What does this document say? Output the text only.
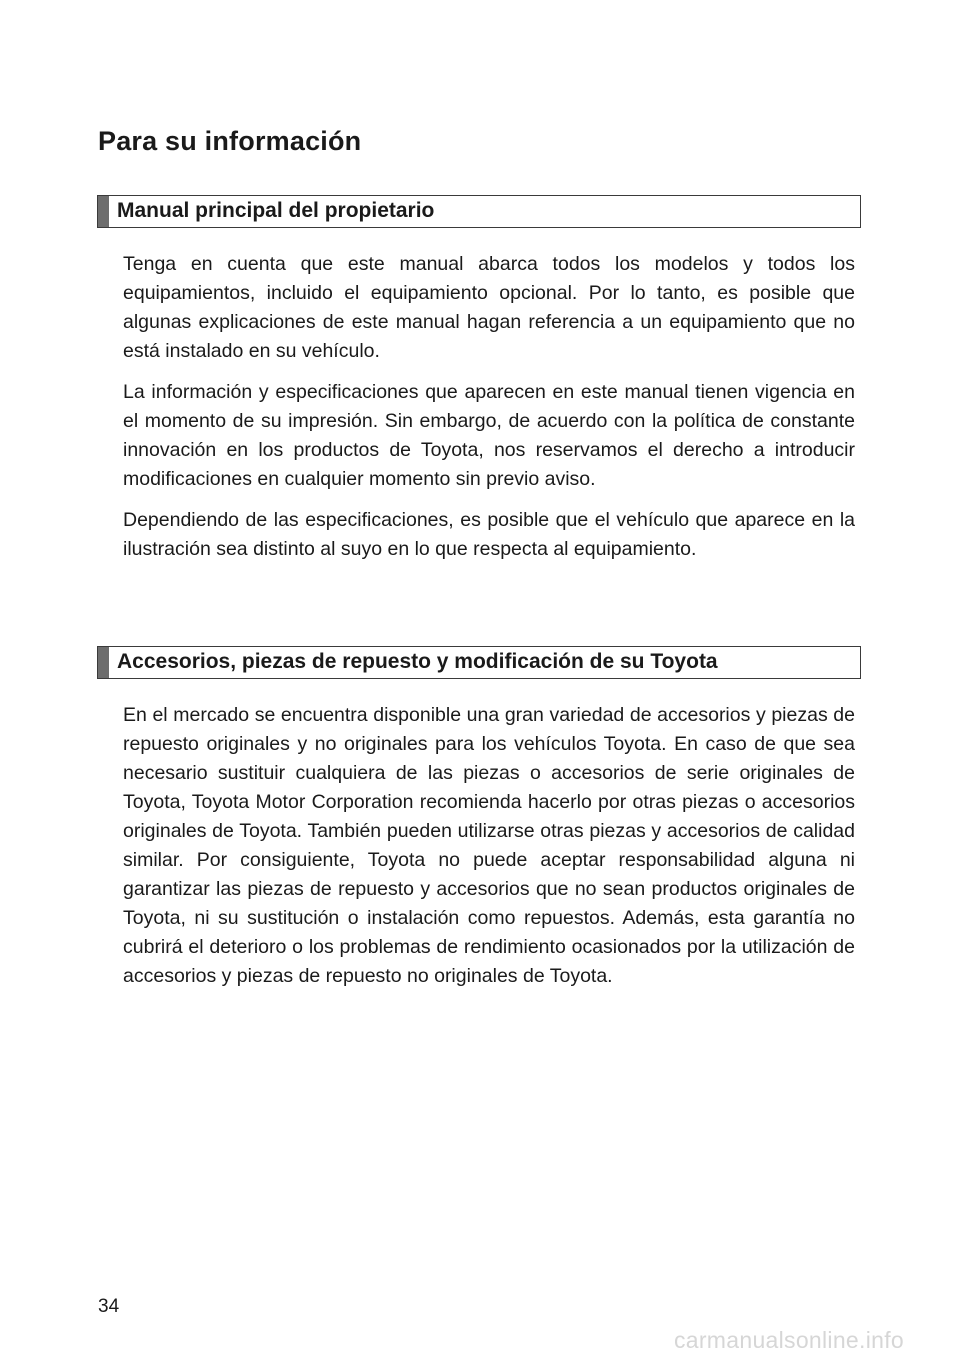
Para su información
Manual principal del propietario

Tenga en cuenta que este manual abarca todos los modelos y todos los equipamientos, incluido el equipamiento opcional. Por lo tanto, es posible que algunas explicaciones de este manual hagan referencia a un equipamiento que no está instalado en su vehículo.

La información y especificaciones que aparecen en este manual tienen vigencia en el momento de su impresión. Sin embargo, de acuerdo con la política de constante innovación en los productos de Toyota, nos reservamos el derecho a introducir modificaciones en cualquier momento sin previo aviso.

Dependiendo de las especificaciones, es posible que el vehículo que aparece en la ilustración sea distinto al suyo en lo que respecta al equipamiento.

Accesorios, piezas de repuesto y modificación de su Toyota

En el mercado se encuentra disponible una gran variedad de accesorios y piezas de repuesto originales y no originales para los vehículos Toyota. En caso de que sea necesario sustituir cualquiera de las piezas o accesorios de serie originales de Toyota, Toyota Motor Corporation recomienda hacerlo por otras piezas o accesorios originales de Toyota. También pueden utilizarse otras piezas y accesorios de calidad similar. Por consiguiente, Toyota no puede aceptar responsabilidad alguna ni garantizar las piezas de repuesto y accesorios que no sean productos originales de Toyota, ni su sustitución o instalación como repuestos. Además, esta garantía no cubrirá el deterioro o los problemas de rendimiento ocasionados por la utilización de accesorios y piezas de repuesto no originales de Toyota.

34
carmanualsonline.info
